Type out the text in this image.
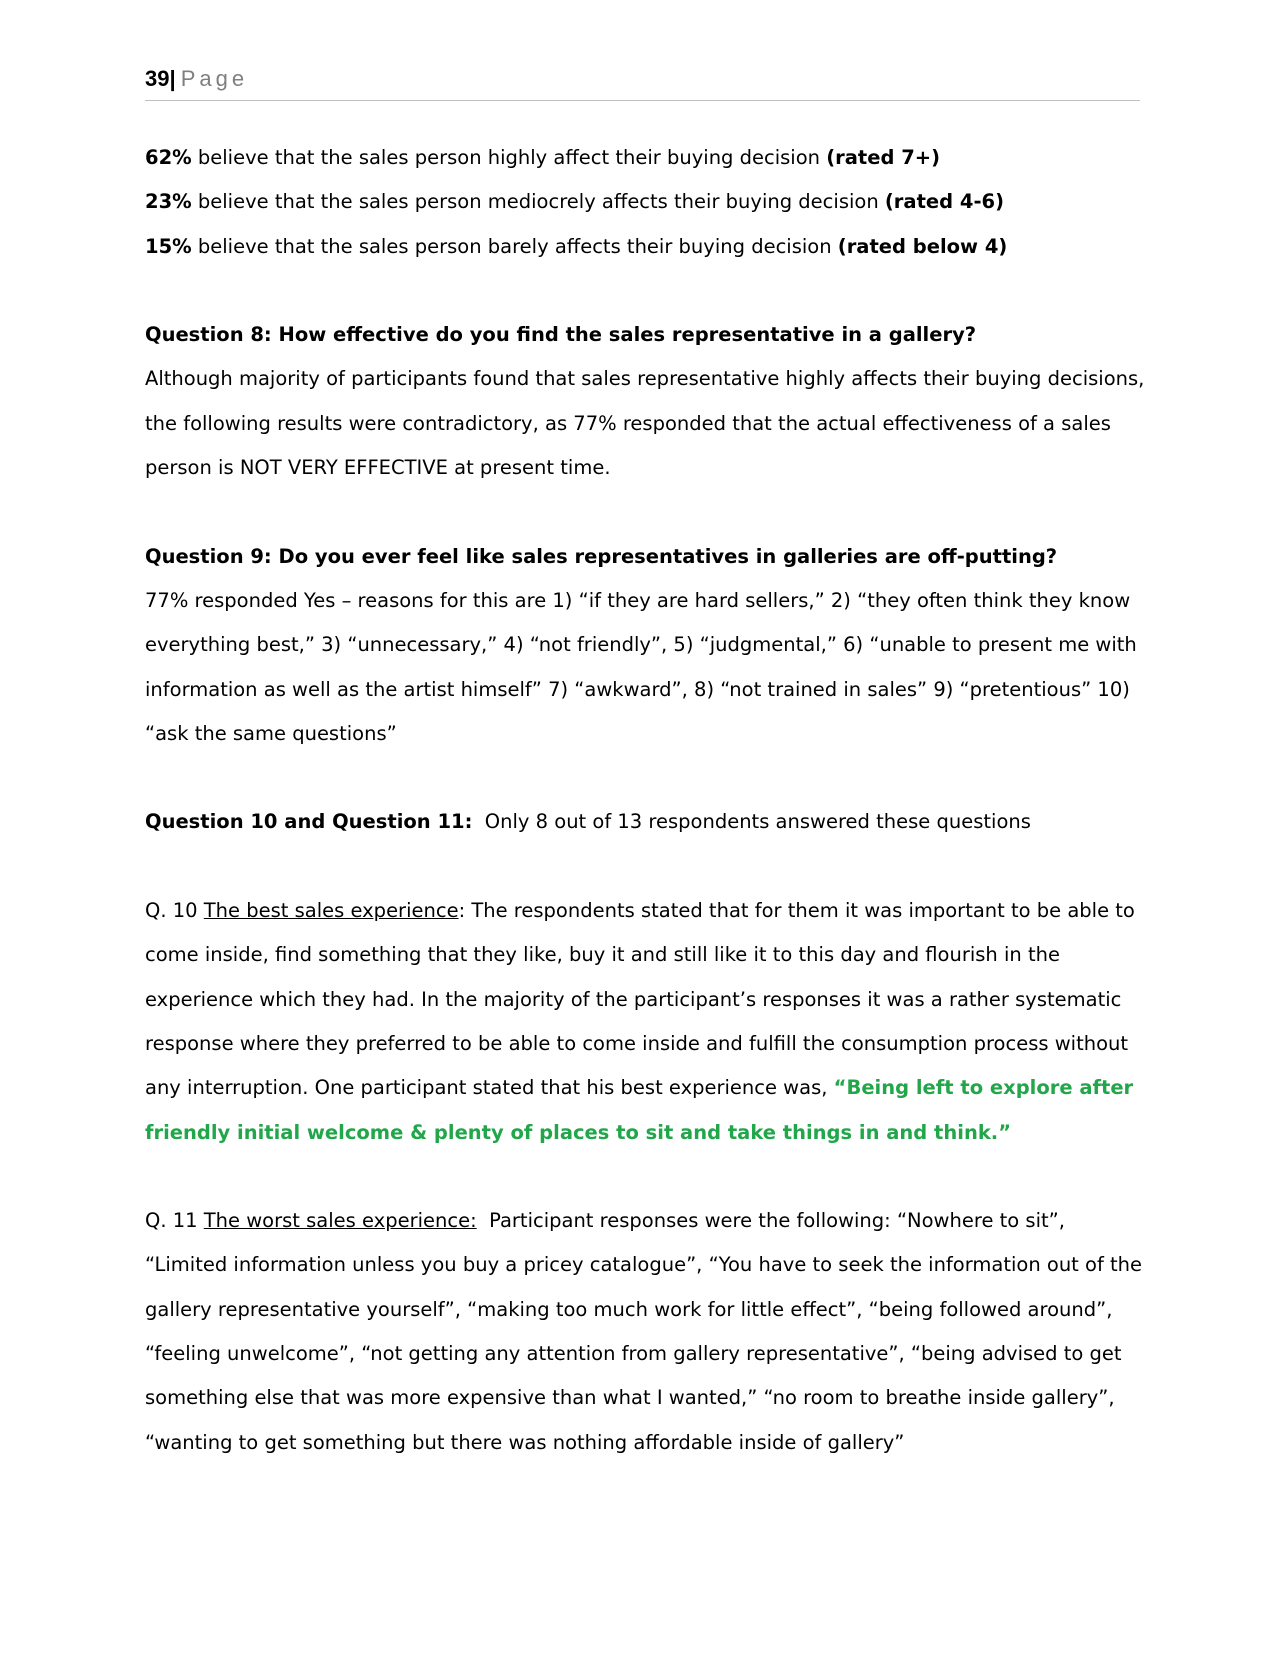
39| Page

62% believe that the sales person highly affect their buying decision (rated 7+)

23% believe that the sales person mediocrely affects their buying decision (rated 4-6)

15% believe that the sales person barely affects their buying decision (rated below 4)

Question 8: How effective do you find the sales representative in a gallery?

Although majority of participants found that sales representative highly affects their buying decisions, the following results were contradictory, as 77% responded that the actual effectiveness of a sales person is NOT VERY EFFECTIVE at present time.

Question 9: Do you ever feel like sales representatives in galleries are off-putting?

77% responded Yes – reasons for this are 1) “if they are hard sellers,” 2) “they often think they know everything best,” 3) “unnecessary,” 4) “not friendly”, 5) “judgmental,” 6) “unable to present me with information as well as the artist himself” 7) “awkward”, 8) “not trained in sales” 9) “pretentious” 10) “ask the same questions”

Question 10 and Question 11: Only 8 out of 13 respondents answered these questions

Q. 10 The best sales experience: The respondents stated that for them it was important to be able to come inside, find something that they like, buy it and still like it to this day and flourish in the experience which they had. In the majority of the participant’s responses it was a rather systematic response where they preferred to be able to come inside and fulfill the consumption process without any interruption. One participant stated that his best experience was, “Being left to explore after friendly initial welcome & plenty of places to sit and take things in and think.”

Q. 11 The worst sales experience:  Participant responses were the following: “Nowhere to sit”, “Limited information unless you buy a pricey catalogue”, “You have to seek the information out of the gallery representative yourself”, “making too much work for little effect”, “being followed around”, “feeling unwelcome”, “not getting any attention from gallery representative”, “being advised to get something else that was more expensive than what I wanted,” “no room to breathe inside gallery”, “wanting to get something but there was nothing affordable inside of gallery”
